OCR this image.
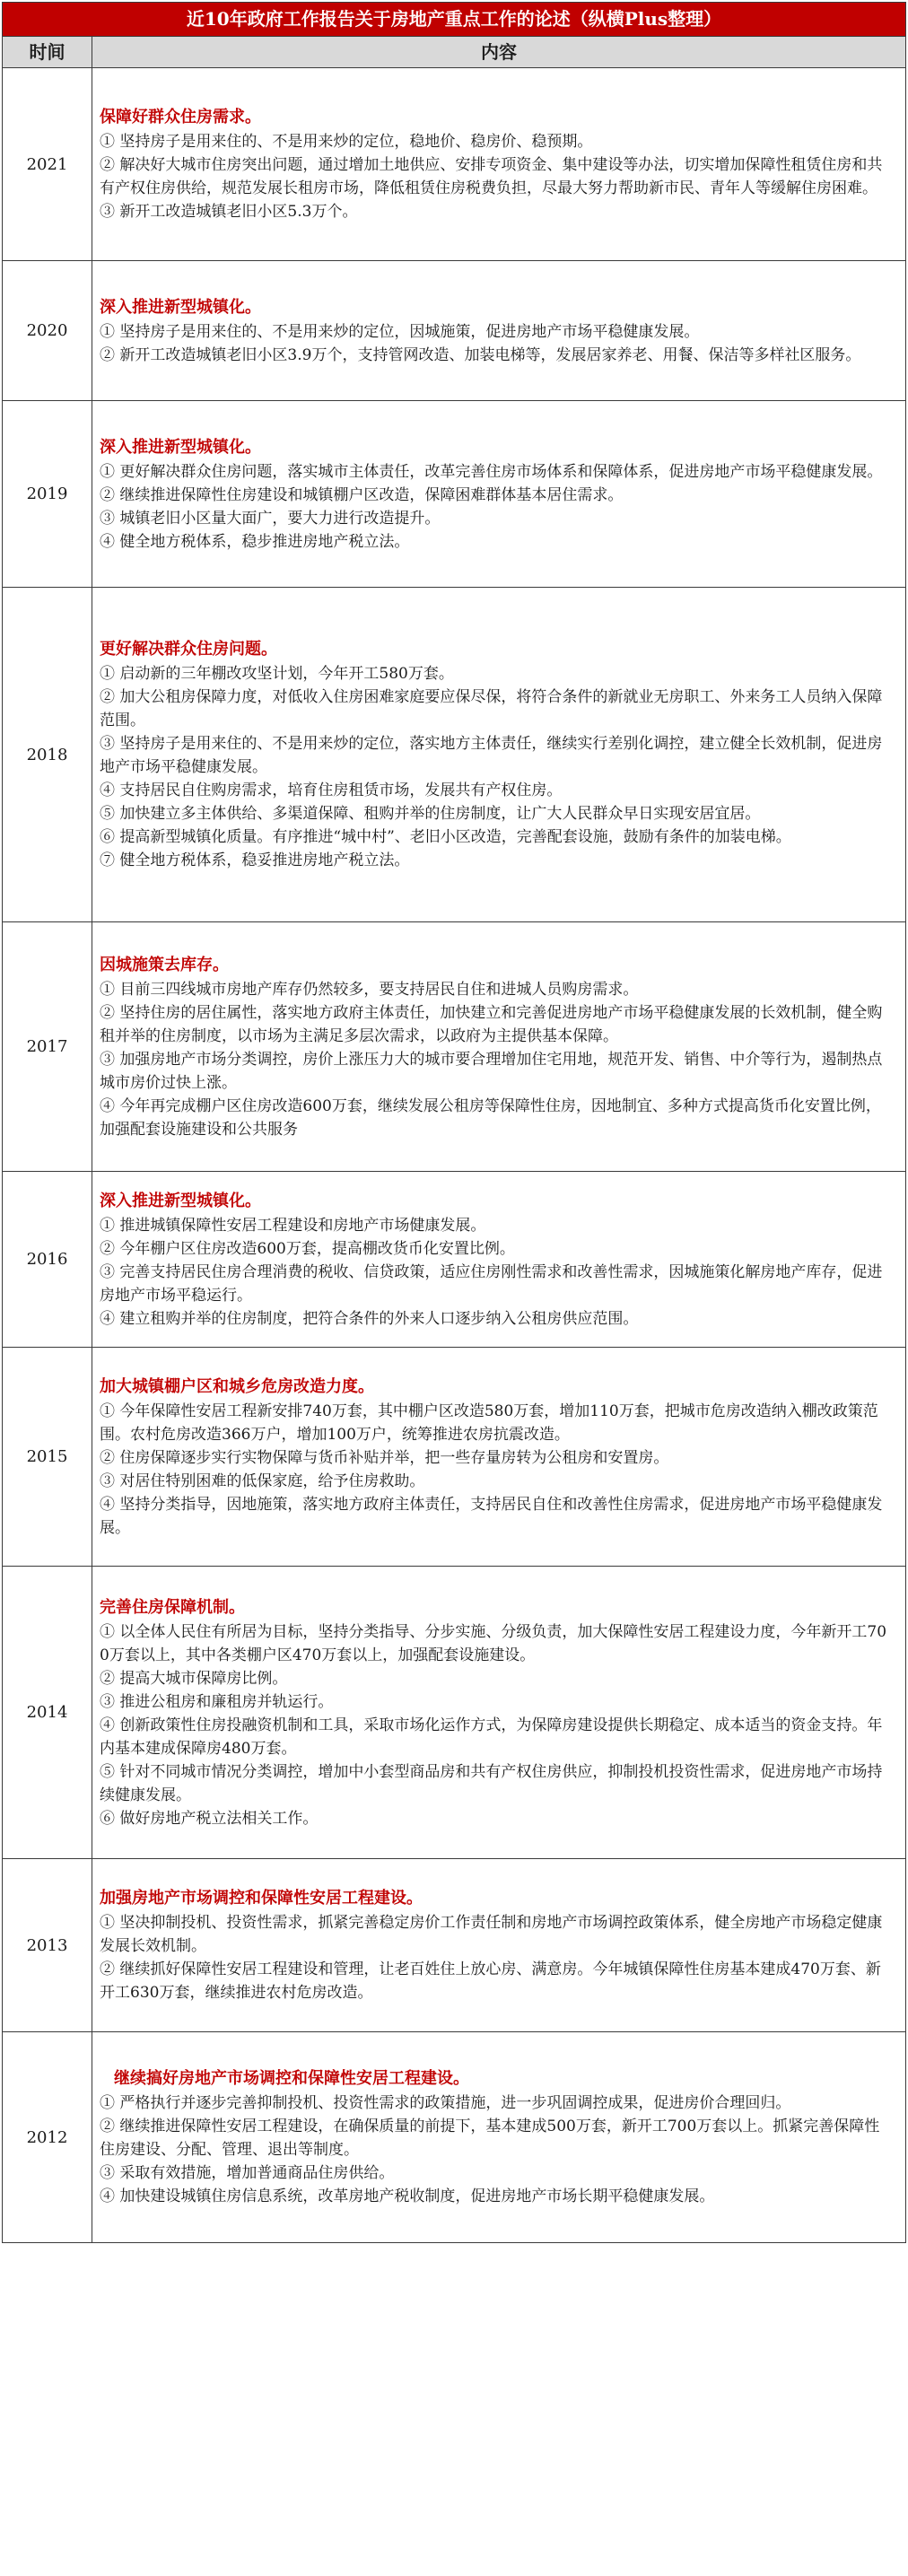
近10年政府工作报告关于房地产重点工作的论述（纵横Plus整理）
时间	内容
2021
保障好群众住房需求。
① 坚持房子是用来住的、不是用来炒的定位，稳地价、稳房价、稳预期。
② 解决好大城市住房突出问题，通过增加土地供应、安排专项资金、集中建设等办法，切实增加保障性租赁住房和共有产权住房供给，规范发展长租房市场，降低租赁住房税费负担，尽最大努力帮助新市民、青年人等缓解住房困难。
③ 新开工改造城镇老旧小区5.3万个。
2020
深入推进新型城镇化。
① 坚持房子是用来住的、不是用来炒的定位，因城施策，促进房地产市场平稳健康发展。
② 新开工改造城镇老旧小区3.9万个，支持管网改造、加装电梯等，发展居家养老、用餐、保洁等多样社区服务。
2019
深入推进新型城镇化。
① 更好解决群众住房问题，落实城市主体责任，改革完善住房市场体系和保障体系，促进房地产市场平稳健康发展。
② 继续推进保障性住房建设和城镇棚户区改造，保障困难群体基本居住需求。
③ 城镇老旧小区量大面广，要大力进行改造提升。
④ 健全地方税体系，稳步推进房地产税立法。
2018
更好解决群众住房问题。
① 启动新的三年棚改攻坚计划，今年开工580万套。
② 加大公租房保障力度，对低收入住房困难家庭要应保尽保，将符合条件的新就业无房职工、外来务工人员纳入保障范围。
③ 坚持房子是用来住的、不是用来炒的定位，落实地方主体责任，继续实行差别化调控，建立健全长效机制，促进房地产市场平稳健康发展。
④ 支持居民自住购房需求，培育住房租赁市场，发展共有产权住房。
⑤ 加快建立多主体供给、多渠道保障、租购并举的住房制度，让广大人民群众早日实现安居宜居。
⑥ 提高新型城镇化质量。有序推进“城中村”、老旧小区改造，完善配套设施，鼓励有条件的加装电梯。
⑦ 健全地方税体系，稳妥推进房地产税立法。
2017
因城施策去库存。
① 目前三四线城市房地产库存仍然较多，要支持居民自住和进城人员购房需求。
② 坚持住房的居住属性，落实地方政府主体责任，加快建立和完善促进房地产市场平稳健康发展的长效机制，健全购租并举的住房制度，以市场为主满足多层次需求，以政府为主提供基本保障。
③ 加强房地产市场分类调控，房价上涨压力大的城市要合理增加住宅用地，规范开发、销售、中介等行为，遏制热点城市房价过快上涨。
④ 今年再完成棚户区住房改造600万套，继续发展公租房等保障性住房，因地制宜、多种方式提高货币化安置比例，加强配套设施建设和公共服务
2016
深入推进新型城镇化。
① 推进城镇保障性安居工程建设和房地产市场健康发展。
② 今年棚户区住房改造600万套，提高棚改货币化安置比例。
③ 完善支持居民住房合理消费的税收、信贷政策，适应住房刚性需求和改善性需求，因城施策化解房地产库存，促进房地产市场平稳运行。
④ 建立租购并举的住房制度，把符合条件的外来人口逐步纳入公租房供应范围。
2015
加大城镇棚户区和城乡危房改造力度。
① 今年保障性安居工程新安排740万套，其中棚户区改造580万套，增加110万套，把城市危房改造纳入棚改政策范围。农村危房改造366万户，增加100万户，统筹推进农房抗震改造。
② 住房保障逐步实行实物保障与货币补贴并举，把一些存量房转为公租房和安置房。
③ 对居住特别困难的低保家庭，给予住房救助。
④ 坚持分类指导，因地施策，落实地方政府主体责任，支持居民自住和改善性住房需求，促进房地产市场平稳健康发展。
2014
完善住房保障机制。
① 以全体人民住有所居为目标，坚持分类指导、分步实施、分级负责，加大保障性安居工程建设力度，今年新开工700万套以上，其中各类棚户区470万套以上，加强配套设施建设。
② 提高大城市保障房比例。
③ 推进公租房和廉租房并轨运行。
④ 创新政策性住房投融资机制和工具，采取市场化运作方式，为保障房建设提供长期稳定、成本适当的资金支持。年内基本建成保障房480万套。
⑤ 针对不同城市情况分类调控，增加中小套型商品房和共有产权住房供应，抑制投机投资性需求，促进房地产市场持续健康发展。
⑥ 做好房地产税立法相关工作。
2013
加强房地产市场调控和保障性安居工程建设。
① 坚决抑制投机、投资性需求，抓紧完善稳定房价工作责任制和房地产市场调控政策体系，健全房地产市场稳定健康发展长效机制。
② 继续抓好保障性安居工程建设和管理，让老百姓住上放心房、满意房。今年城镇保障性住房基本建成470万套、新开工630万套，继续推进农村危房改造。
2012
继续搞好房地产市场调控和保障性安居工程建设。
① 严格执行并逐步完善抑制投机、投资性需求的政策措施，进一步巩固调控成果，促进房价合理回归。
② 继续推进保障性安居工程建设，在确保质量的前提下，基本建成500万套，新开工700万套以上。抓紧完善保障性住房建设、分配、管理、退出等制度。
③ 采取有效措施，增加普通商品住房供给。
④ 加快建设城镇住房信息系统，改革房地产税收制度，促进房地产市场长期平稳健康发展。
